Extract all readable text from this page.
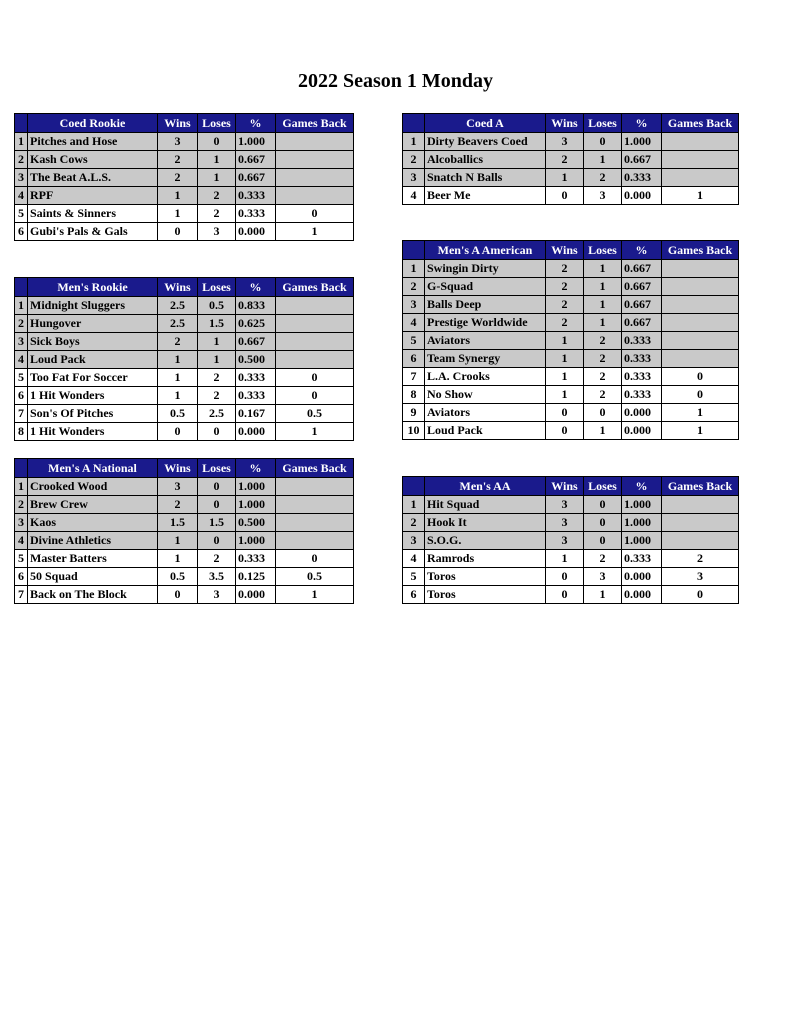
2022 Season 1 Monday
	Coed Rookie	Wins	Loses	%	Games Back
1	Pitches and Hose	3	0	1.000	
2	Kash Cows	2	1	0.667	
3	The Beat A.L.S.	2	1	0.667	
4	RPF	1	2	0.333	
5	Saints & Sinners	1	2	0.333	0
6	Gubi's Pals & Gals	0	3	0.000	1
	Men's Rookie	Wins	Loses	%	Games Back
1	Midnight Sluggers	2.5	0.5	0.833	
2	Hungover	2.5	1.5	0.625	
3	Sick Boys	2	1	0.667	
4	Loud Pack	1	1	0.500	
5	Too Fat For Soccer	1	2	0.333	0
6	1 Hit Wonders	1	2	0.333	0
7	Son's Of Pitches	0.5	2.5	0.167	0.5
8	1 Hit Wonders	0	0	0.000	1
	Men's A National	Wins	Loses	%	Games Back
1	Crooked Wood	3	0	1.000	
2	Brew Crew	2	0	1.000	
3	Kaos	1.5	1.5	0.500	
4	Divine Athletics	1	0	1.000	
5	Master Batters	1	2	0.333	0
6	50 Squad	0.5	3.5	0.125	0.5
7	Back on The Block	0	3	0.000	1
	Coed A	Wins	Loses	%	Games Back
1	Dirty Beavers Coed	3	0	1.000	
2	Alcoballics	2	1	0.667	
3	Snatch N Balls	1	2	0.333	
4	Beer Me	0	3	0.000	1
	Men's A American	Wins	Loses	%	Games Back
1	Swingin Dirty	2	1	0.667	
2	G-Squad	2	1	0.667	
3	Balls Deep	2	1	0.667	
4	Prestige Worldwide	2	1	0.667	
5	Aviators	1	2	0.333	
6	Team Synergy	1	2	0.333	
7	L.A. Crooks	1	2	0.333	0
8	No Show	1	2	0.333	0
9	Aviators	0	0	0.000	1
10	Loud Pack	0	1	0.000	1
	Men's AA	Wins	Loses	%	Games Back
1	Hit Squad	3	0	1.000	
2	Hook It	3	0	1.000	
3	S.O.G.	3	0	1.000	
4	Ramrods	1	2	0.333	2
5	Toros	0	3	0.000	3
6	Toros	0	1	0.000	0
